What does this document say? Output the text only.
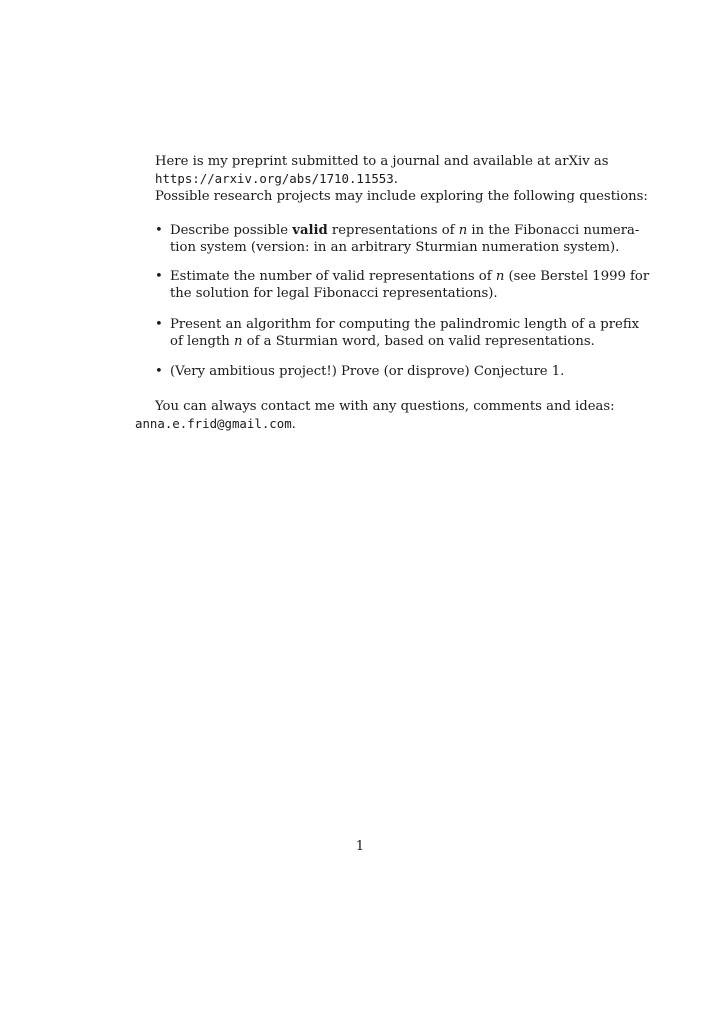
Here is my preprint submitted to a journal and available at arXiv as
https://arxiv.org/abs/1710.11553.
Possible research projects may include exploring the following questions:
• Describe possible valid representations of n in the Fibonacci numera-
tion system (version: in an arbitrary Sturmian numeration system).
• Estimate the number of valid representations of n (see Berstel 1999 for
the solution for legal Fibonacci representations).
• Present an algorithm for computing the palindromic length of a prefix
of length n of a Sturmian word, based on valid representations.
• (Very ambitious project!) Prove (or disprove) Conjecture 1.
You can always contact me with any questions, comments and ideas:
anna.e.frid@gmail.com.
1
